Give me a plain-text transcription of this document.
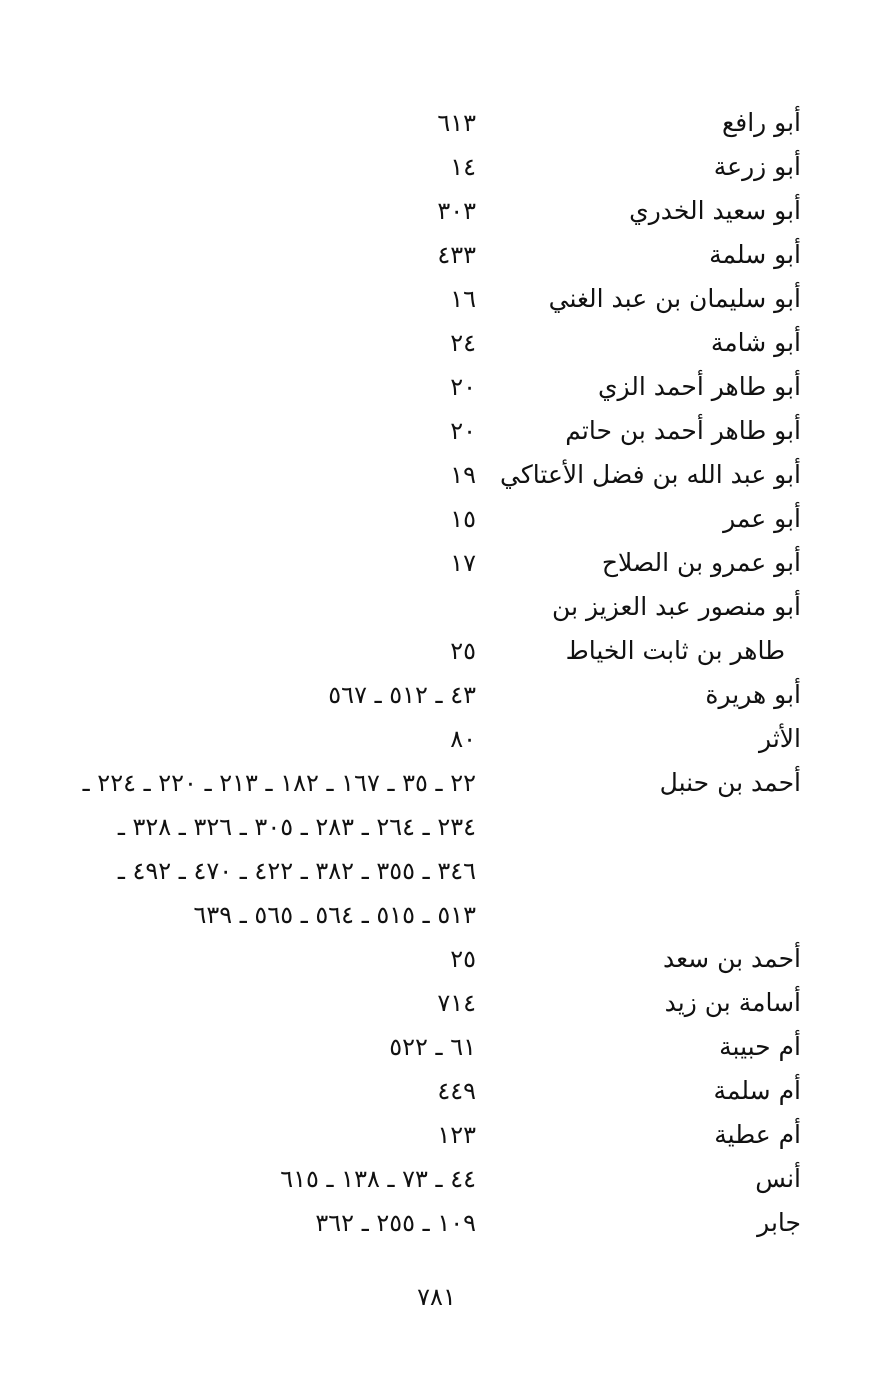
أبو رافع
٦١٣
أبو زرعة
١٤
أبو سعيد الخدري
٣٠٣
أبو سلمة
٤٣٣
أبو سليمان بن عبد الغني
١٦
أبو شامة
٢٤
أبو طاهر أحمد الزي
٢٠
أبو طاهر أحمد بن حاتم
٢٠
أبو عبد الله بن فضل الأعتاكي
١٩
أبو عمر
١٥
أبو عمرو بن الصلاح
١٧
أبو منصور عبد العزيز بن
طاهر بن ثابت الخياط
٢٥
أبو هريرة
٤٣ ـ ٥١٢ ـ ٥٦٧
الأثر
٨٠
أحمد بن حنبل
٢٢ ـ ٣٥ ـ ١٦٧ ـ ١٨٢ ـ ٢١٣ ـ ٢٢٠ ـ ٢٢٤ ـ
٢٣٤ ـ ٢٦٤ ـ ٢٨٣ ـ ٣٠٥ ـ ٣٢٦ ـ ٣٢٨ ـ
٣٤٦ ـ ٣٥٥ ـ ٣٨٢ ـ ٤٢٢ ـ ٤٧٠ ـ ٤٩٢ ـ
٥١٣ ـ ٥١٥ ـ ٥٦٤ ـ ٥٦٥ ـ ٦٣٩
أحمد بن سعد
٢٥
أسامة بن زيد
٧١٤
أم حبيبة
٦١ ـ ٥٢٢
أم سلمة
٤٤٩
أم عطية
١٢٣
أنس
٤٤ ـ ٧٣ ـ ١٣٨ ـ ٦١٥
جابر
١٠٩ ـ ٢٥٥ ـ ٣٦٢
٧٨١
